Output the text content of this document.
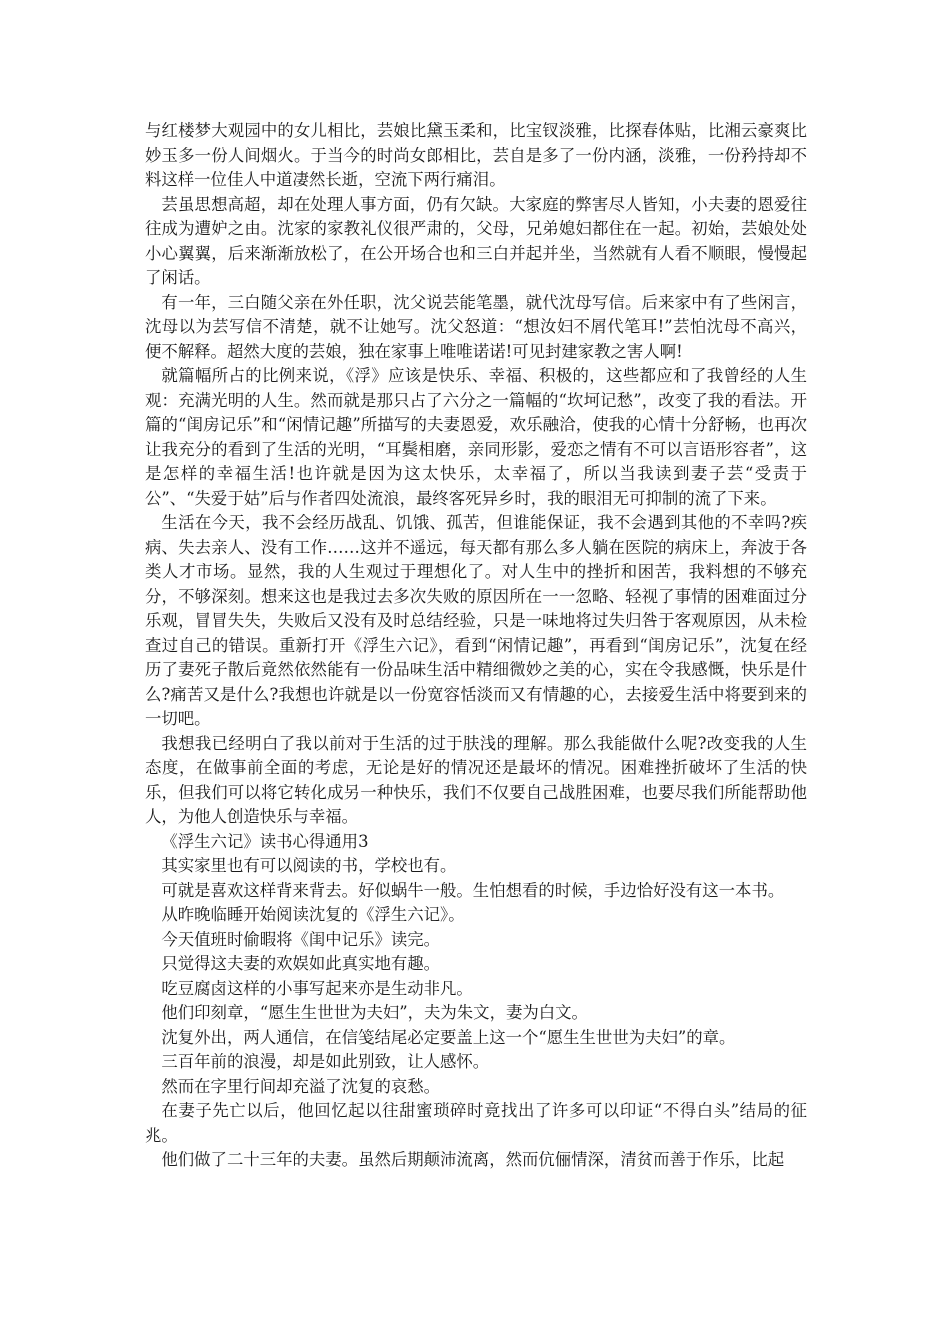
与红楼梦大观园中的女儿相比，芸娘比黛玉柔和，比宝钗淡雅，比探春体贴，比湘云豪爽比妙玉多一份人间烟火。于当今的时尚女郎相比，芸自是多了一份内涵，淡雅，一份矜持却不料这样一位佳人中道凄然长逝，空流下两行痛泪。

芸虽思想高超，却在处理人事方面，仍有欠缺。大家庭的弊害尽人皆知，小夫妻的恩爱往往成为遭妒之由。沈家的家教礼仪很严肃的，父母，兄弟媳妇都住在一起。初始，芸娘处处小心翼翼，后来渐渐放松了，在公开场合也和三白并起并坐，当然就有人看不顺眼，慢慢起了闲话。

有一年，三白随父亲在外任职，沈父说芸能笔墨，就代沈母写信。后来家中有了些闲言，沈母以为芸写信不清楚，就不让她写。沈父怒道：“想汝妇不屑代笔耳!”芸怕沈母不高兴，便不解释。超然大度的芸娘，独在家事上唯唯诺诺!可见封建家教之害人啊!

就篇幅所占的比例来说，《浮》应该是快乐、幸福、积极的，这些都应和了我曾经的人生观：充满光明的人生。然而就是那只占了六分之一篇幅的“坎坷记愁”，改变了我的看法。开篇的“闺房记乐”和“闲情记趣”所描写的夫妻恩爱，欢乐融洽，使我的心情十分舒畅，也再次让我充分的看到了生活的光明，“耳鬓相磨，亲同形影，爱恋之情有不可以言语形容者”，这是怎样的幸福生活!也许就是因为这太快乐，太幸福了，所以当我读到妻子芸“受责于公”、“失爱于姑”后与作者四处流浪，最终客死异乡时，我的眼泪无可抑制的流了下来。

生活在今天，我不会经历战乱、饥饿、孤苦，但谁能保证，我不会遇到其他的不幸吗?疾病、失去亲人、没有工作……这并不遥远，每天都有那么多人躺在医院的病床上，奔波于各类人才市场。显然，我的人生观过于理想化了。对人生中的挫折和困苦，我料想的不够充分，不够深刻。想来这也是我过去多次失败的原因所在一一忽略、轻视了事情的困难面过分乐观，冒冒失失，失败后又没有及时总结经验，只是一味地将过失归咎于客观原因，从未检查过自己的错误。重新打开《浮生六记》，看到“闲情记趣”，再看到“闺房记乐”，沈复在经历了妻死子散后竟然依然能有一份品味生活中精细微妙之美的心，实在令我感慨，快乐是什么?痛苦又是什么?我想也许就是以一份宽容恬淡而又有情趣的心，去接爱生活中将要到来的一切吧。

我想我已经明白了我以前对于生活的过于肤浅的理解。那么我能做什么呢?改变我的人生态度，在做事前全面的考虑，无论是好的情况还是最坏的情况。困难挫折破坏了生活的快乐，但我们可以将它转化成另一种快乐，我们不仅要自己战胜困难，也要尽我们所能帮助他人，为他人创造快乐与幸福。

《浮生六记》读书心得通用3

其实家里也有可以阅读的书，学校也有。

可就是喜欢这样背来背去。好似蜗牛一般。生怕想看的时候，手边恰好没有这一本书。

从昨晚临睡开始阅读沈复的《浮生六记》。

今天值班时偷暇将《闺中记乐》读完。

只觉得这夫妻的欢娱如此真实地有趣。

吃豆腐卤这样的小事写起来亦是生动非凡。

他们印刻章，“愿生生世世为夫妇”，夫为朱文，妻为白文。

沈复外出，两人通信，在信笺结尾必定要盖上这一个“愿生生世世为夫妇”的章。

三百年前的浪漫，却是如此别致，让人感怀。

然而在字里行间却充溢了沈复的哀愁。

在妻子先亡以后，他回忆起以往甜蜜琐碎时竟找出了许多可以印证“不得白头”结局的征兆。

他们做了二十三年的夫妻。虽然后期颠沛流离，然而伉俪情深，清贫而善于作乐，比起
